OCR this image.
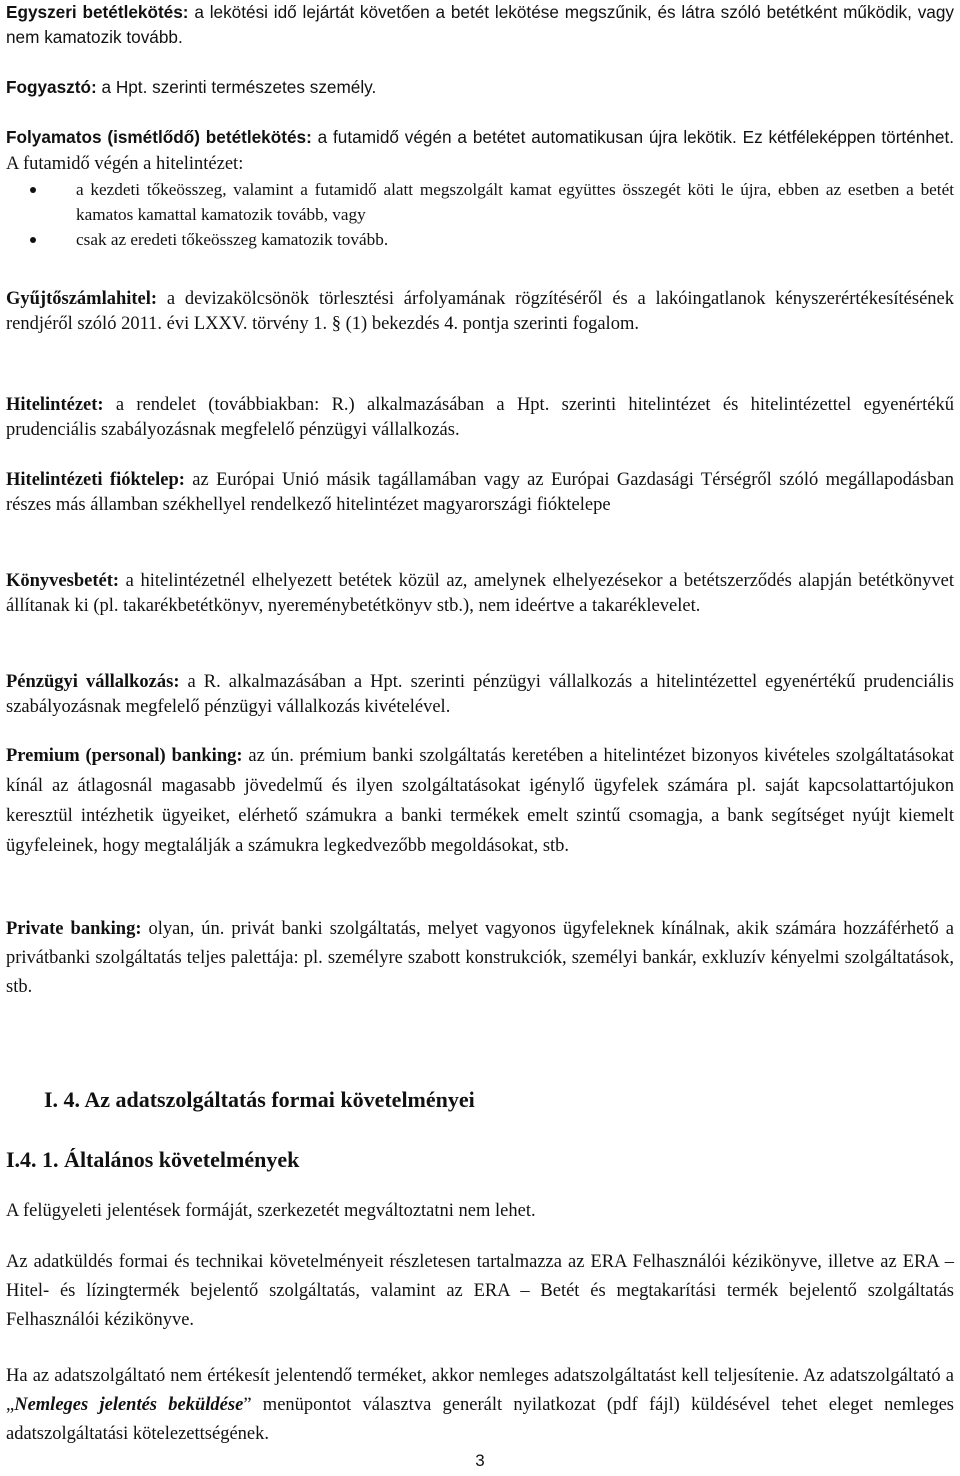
Egyszeri betétlekötés: a lekötési idő lejártát követően a betét lekötése megszűnik, és látra szóló betétként működik, vagy nem kamatozik tovább.

Fogyasztó: a Hpt. szerinti természetes személy.

Folyamatos (ismétlődő) betétlekötés: a futamidő végén a betétet automatikusan újra lekötik. Ez kétféleképpen történhet. A futamidő végén a hitelintézet:

a kezdeti tőkeösszeg, valamint a futamidő alatt megszolgált kamat együttes összegét köti le újra, ebben az esetben a betét kamatos kamattal kamatozik tovább, vagy
csak az eredeti tőkeösszeg kamatozik tovább.

Gyűjtőszámlahitel: a devizakölcsönök törlesztési árfolyamának rögzítéséről és a lakóingatlanok kényszerértékesítésének rendjéről szóló 2011. évi LXXV. törvény 1. § (1) bekezdés 4. pontja szerinti fogalom.

Hitelintézet: a rendelet (továbbiakban: R.) alkalmazásában a Hpt. szerinti hitelintézet és hitelintézettel egyenértékű prudenciális szabályozásnak megfelelő pénzügyi vállalkozás.

Hitelintézeti fióktelep: az Európai Unió másik tagállamában vagy az Európai Gazdasági Térségről szóló megállapodásban részes más államban székhellyel rendelkező hitelintézet magyarországi fióktelepe

Könyvesbetét: a hitelintézetnél elhelyezett betétek közül az, amelynek elhelyezésekor a betétszerződés alapján betétkönyvet állítanak ki (pl. takarékbetétkönyv, nyereménybetétkönyv stb.), nem ideértve a takaréklevelet.

Pénzügyi vállalkozás: a R. alkalmazásában a Hpt. szerinti pénzügyi vállalkozás a hitelintézettel egyenértékű prudenciális szabályozásnak megfelelő pénzügyi vállalkozás kivételével.

Premium (personal) banking: az ún. prémium banki szolgáltatás keretében a hitelintézet bizonyos kivételes szolgáltatásokat kínál az átlagosnál magasabb jövedelmű és ilyen szolgáltatásokat igénylő ügyfelek számára pl. saját kapcsolattartójukon keresztül intézhetik ügyeiket, elérhető számukra a banki termékek emelt szintű csomagja, a bank segítséget nyújt kiemelt ügyfeleinek, hogy megtalálják a számukra legkedvezőbb megoldásokat, stb.

Private banking: olyan, ún. privát banki szolgáltatás, melyet vagyonos ügyfeleknek kínálnak, akik számára hozzáférhető a privátbanki szolgáltatás teljes palettája: pl. személyre szabott konstrukciók, személyi bankár, exkluzív kényelmi szolgáltatások, stb.

I. 4. Az adatszolgáltatás formai követelményei
I.4. 1. Általános követelmények

A felügyeleti jelentések formáját, szerkezetét megváltoztatni nem lehet.

Az adatküldés formai és technikai követelményeit részletesen tartalmazza az ERA Felhasználói kézikönyve, illetve az ERA – Hitel- és lízingtermék bejelentő szolgáltatás, valamint az ERA – Betét és megtakarítási termék bejelentő szolgáltatás Felhasználói kézikönyve.

Ha az adatszolgáltató nem értékesít jelentendő terméket, akkor nemleges adatszolgáltatást kell teljesítenie. Az adatszolgáltató a „Nemleges jelentés beküldése” menüpontot választva generált nyilatkozat (pdf fájl) küldésével tehet eleget nemleges adatszolgáltatási kötelezettségének.

3
